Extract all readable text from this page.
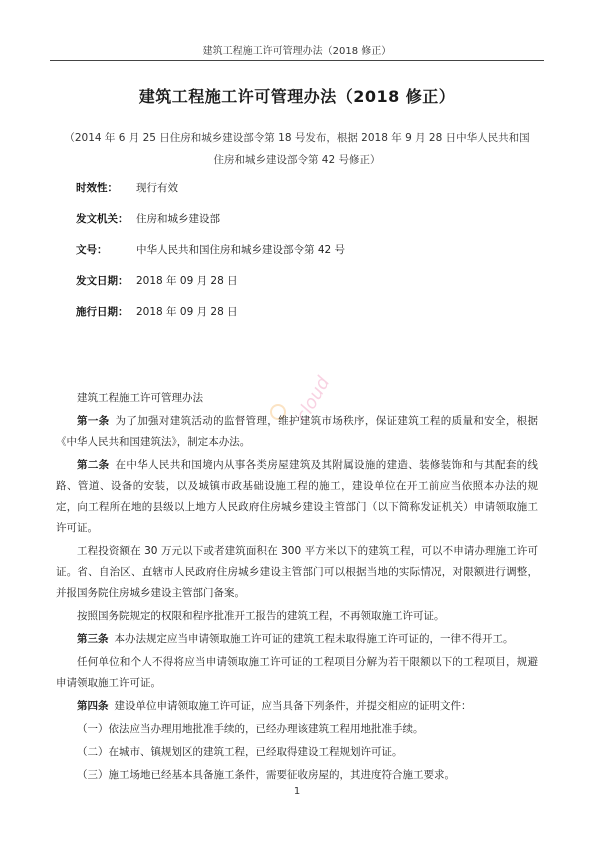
建筑工程施工许可管理办法（2018 修正）
建筑工程施工许可管理办法（2018 修正）
（2014 年 6 月 25 日住房和城乡建设部令第 18 号发布，根据 2018 年 9 月 28 日中华人民共和国住房和城乡建设部令第 42 号修正）
时效性：	现行有效
发文机关： 住房和城乡建设部
文号：	中华人民共和国住房和城乡建设部令第 42 号
发文日期： 2018 年 09 月 28 日
施行日期： 2018 年 09 月 28 日
cloud

建筑工程施工许可管理办法

第一条 为了加强对建筑活动的监督管理，维护建筑市场秩序，保证建筑工程的质量和安全，根据《中华人民共和国建筑法》，制定本办法。

第二条 在中华人民共和国境内从事各类房屋建筑及其附属设施的建造、装修装饰和与其配套的线路、管道、设备的安装，以及城镇市政基础设施工程的施工，建设单位在开工前应当依照本办法的规定，向工程所在地的县级以上地方人民政府住房城乡建设主管部门（以下简称发证机关）申请领取施工许可证。

工程投资额在 30 万元以下或者建筑面积在 300 平方米以下的建筑工程，可以不申请办理施工许可证。省、自治区、直辖市人民政府住房城乡建设主管部门可以根据当地的实际情况，对限额进行调整，并报国务院住房城乡建设主管部门备案。

按照国务院规定的权限和程序批准开工报告的建筑工程，不再领取施工许可证。

第三条 本办法规定应当申请领取施工许可证的建筑工程未取得施工许可证的，一律不得开工。

任何单位和个人不得将应当申请领取施工许可证的工程项目分解为若干限额以下的工程项目，规避申请领取施工许可证。

第四条 建设单位申请领取施工许可证，应当具备下列条件，并提交相应的证明文件：

（一）依法应当办理用地批准手续的，已经办理该建筑工程用地批准手续。

（二）在城市、镇规划区的建筑工程，已经取得建设工程规划许可证。

（三）施工场地已经基本具备施工条件，需要征收房屋的，其进度符合施工要求。

1
